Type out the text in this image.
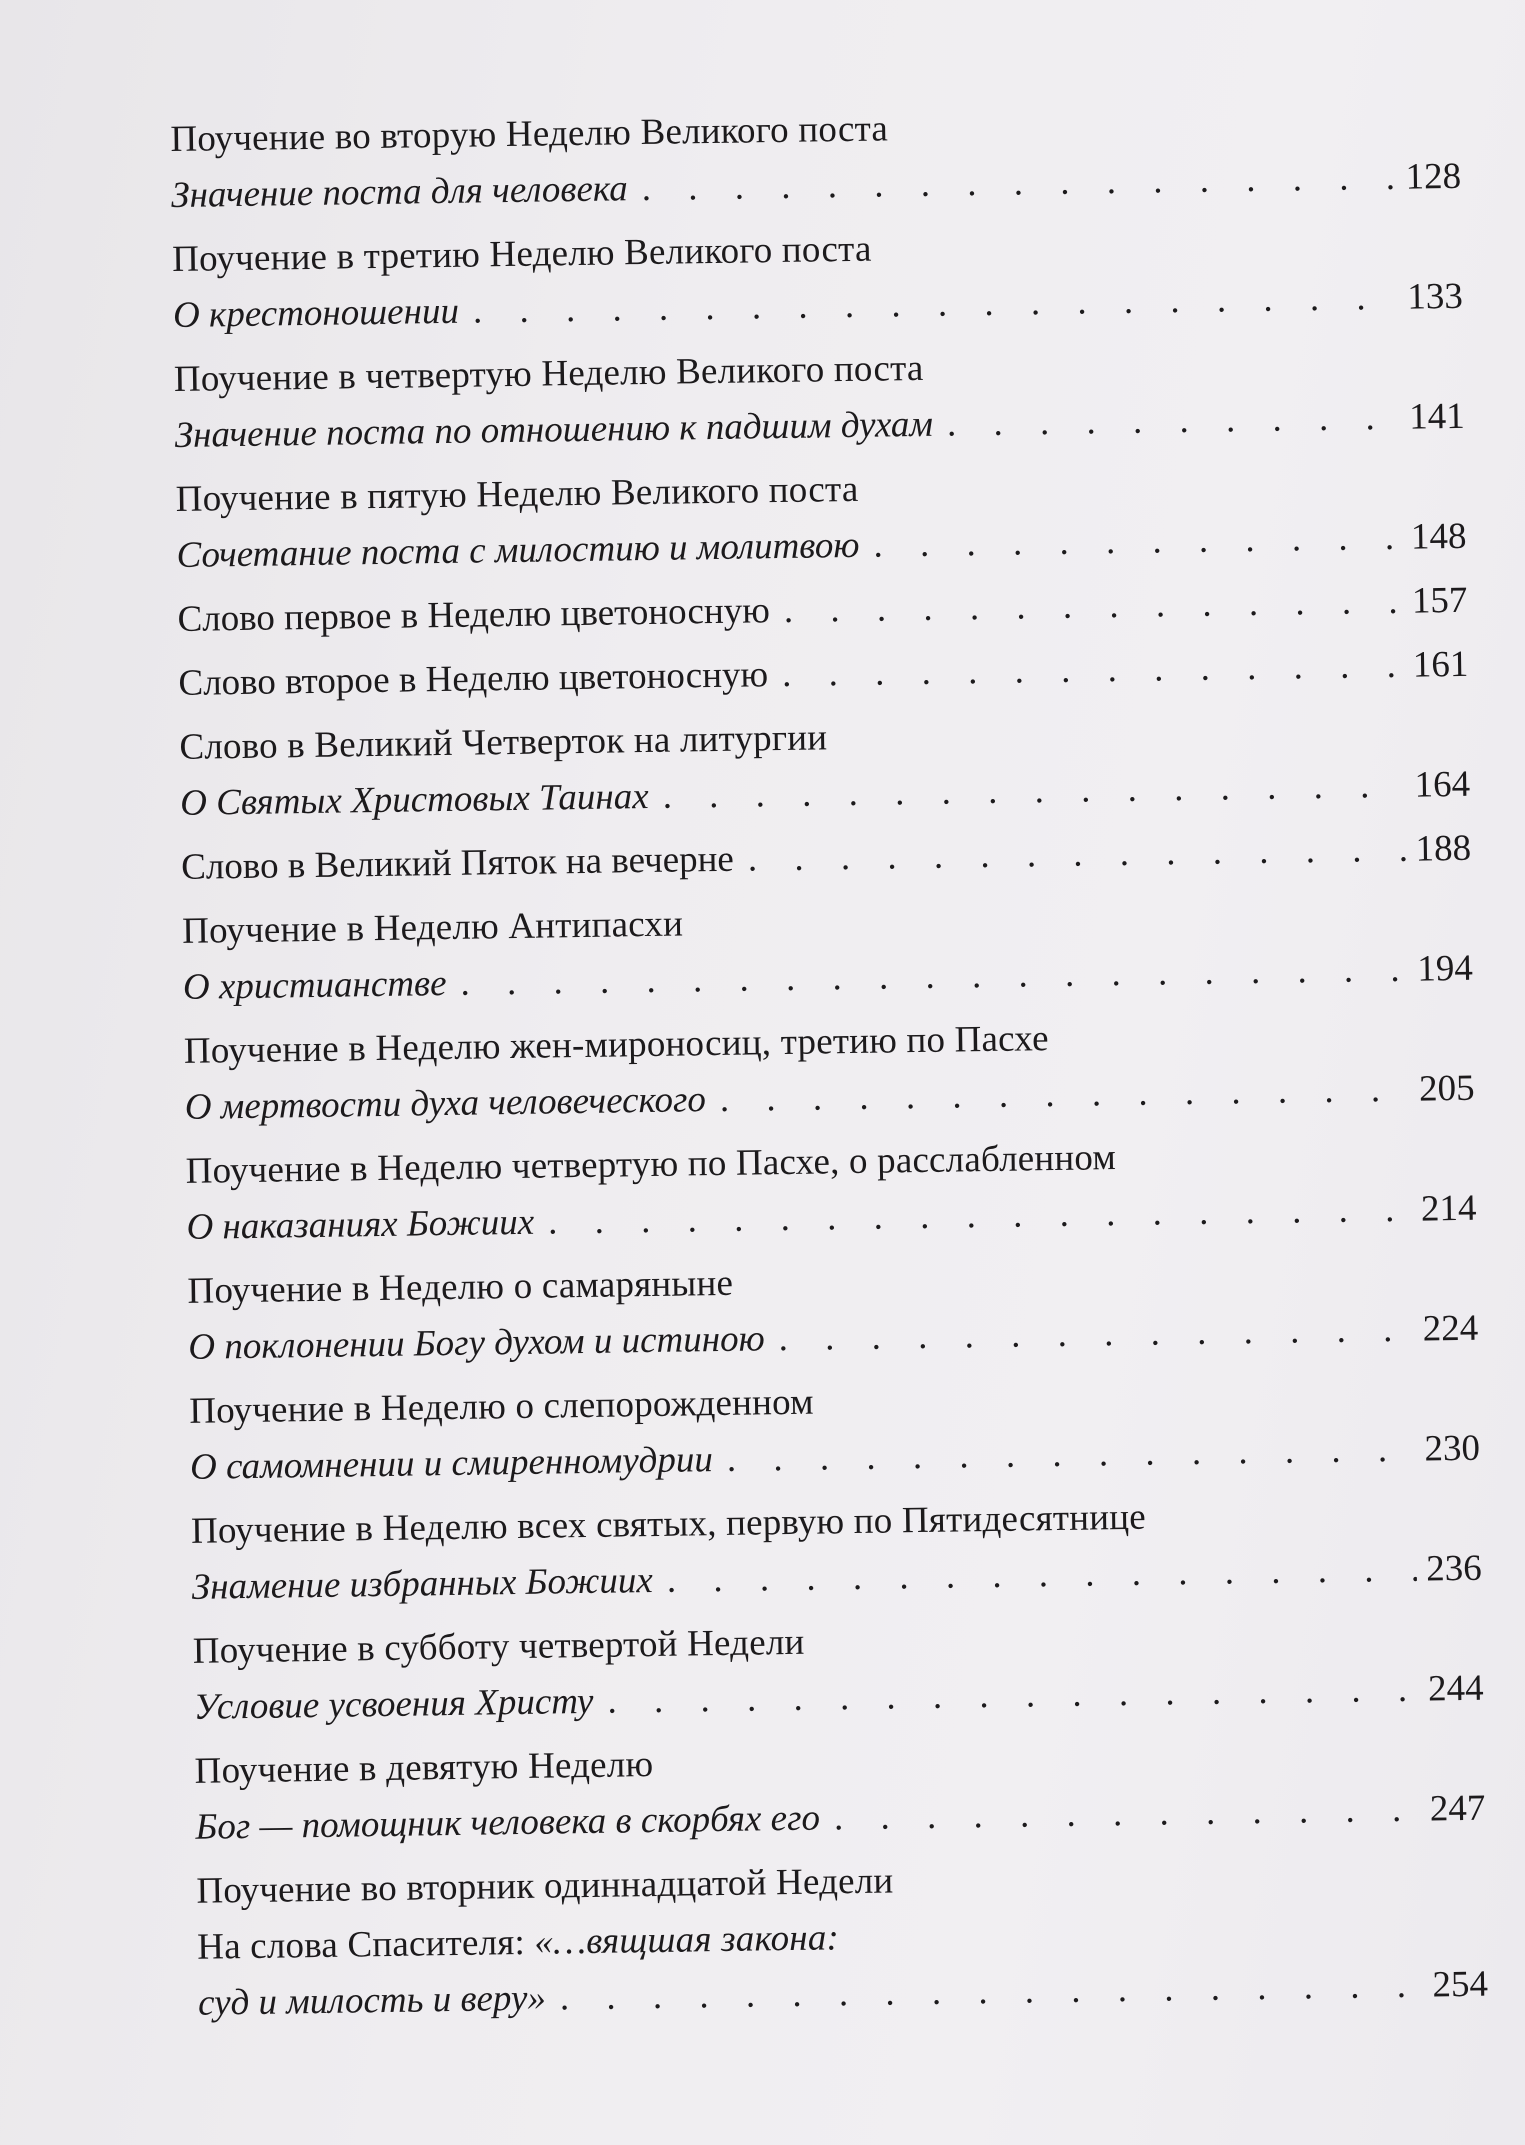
Поучение во вторую Неделю Великого поста
Значение поста для человека . . .	128
Поучение в третию Неделю Великого поста
О крестоношении . . .	133
Поучение в четвертую Неделю Великого поста
Значение поста по отношению к падшим духам . . .	141
Поучение в пятую Неделю Великого поста
Сочетание поста с милостию и молитвою . . .	148
Слово первое в Неделю цветоносную . . .	157
Слово второе в Неделю цветоносную . . .	161
Слово в Великий Четверток на литургии
О Святых Христовых Таинах . . .	164
Слово в Великий Пяток на вечерне . . .	188
Поучение в Неделю Антипасхи
О христианстве . . .	194
Поучение в Неделю жен-мироносиц, третию по Пасхе
О мертвости духа человеческого . . .	205
Поучение в Неделю четвертую по Пасхе, о расслабленном
О наказаниях Божиих . . .	214
Поучение в Неделю о самаряныне
О поклонении Богу духом и истиною . . .	224
Поучение в Неделю о слепорожденном
О самомнении и смиренномудрии . . .	230
Поучение в Неделю всех святых, первую по Пятидесятнице
Знамение избранных Божиих . . .	236
Поучение в субботу четвертой Недели
Условие усвоения Христу . . .	244
Поучение в девятую Неделю
Бог — помощник человека в скорбях его . . .	247
Поучение во вторник одиннадцатой Недели
На слова Спасителя: «…вящшая закона:
суд и милость и веру» . . .	254
